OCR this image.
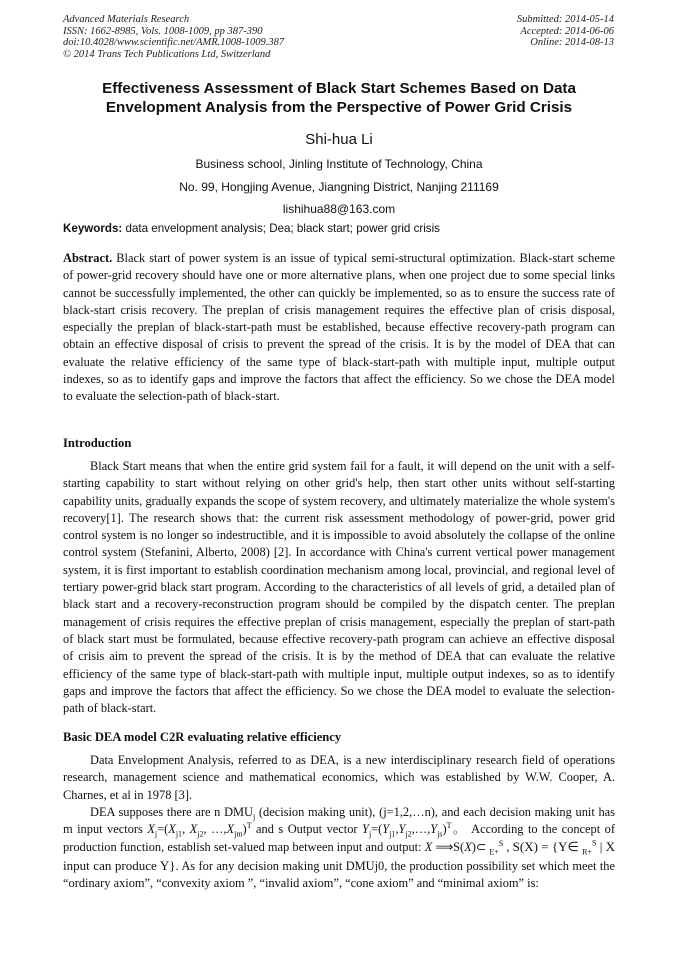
Advanced Materials Research
ISSN: 1662-8985, Vols. 1008-1009, pp 387-390
doi:10.4028/www.scientific.net/AMR.1008-1009.387
© 2014 Trans Tech Publications Ltd, Switzerland
Submitted: 2014-05-14
Accepted: 2014-06-06
Online: 2014-08-13
Effectiveness Assessment of Black Start Schemes Based on Data
Envelopment Analysis from the Perspective of Power Grid Crisis
Shi-hua Li
Business school, Jinling Institute of Technology, China
No. 99, Hongjing Avenue, Jiangning District, Nanjing 211169
lishihua88@163.com
Keywords: data envelopment analysis; Dea; black start; power grid crisis

Abstract. Black start of power system is an issue of typical semi-structural optimization. Black-start scheme of power-grid recovery should have one or more alternative plans, when one project due to some special links cannot be successfully implemented, the other can quickly be implemented, so as to ensure the success rate of black-start crisis recovery. The preplan of crisis management requires the effective plan of crisis disposal, especially the preplan of black-start-path must be established, because effective recovery-path program can obtain an effective disposal of crisis to prevent the spread of the crisis. It is by the model of DEA that can evaluate the relative efficiency of the same type of black-start-path with multiple input, multiple output indexes, so as to identify gaps and improve the factors that affect the efficiency. So we chose the DEA model to evaluate the selection-path of black-start.

Introduction

Black Start means that when the entire grid system fail for a fault, it will depend on the unit with a self-starting capability to start without relying on other grid's help, then start other units without self-starting capability units, gradually expands the scope of system recovery, and ultimately materialize the whole system's recovery[1]. The research shows that: the current risk assessment methodology of power-grid, power grid control system is no longer so indestructible, and it is impossible to avoid absolutely the collapse of the online control system (Stefanini, Alberto, 2008) [2]. In accordance with China's current vertical power management system, it is first important to establish coordination mechanism among local, provincial, and regional level of tertiary power-grid black start program. According to the characteristics of all levels of grid, a detailed plan of black start and a recovery-reconstruction program should be compiled by the dispatch center. The preplan management of crisis requires the effective preplan of crisis management, especially the preplan of start-path of black start must be formulated, because effective recovery-path program can achieve an effective disposal of crisis aim to prevent the spread of the crisis. It is by the method of DEA that can evaluate the relative efficiency of the same type of black-start-path with multiple input, multiple output indexes, so as to identify gaps and improve the factors that affect the efficiency. So we chose the DEA model to evaluate the selection-path of black-start.

Basic DEA model C2R evaluating relative efficiency

Data Envelopment Analysis, referred to as DEA, is a new interdisciplinary research field of operations research, management science and mathematical economics, which was established by W.W. Cooper, A. Charnes, et al in 1978 [3].

DEA supposes there are n $DMU_j$ (decision making unit), (j=1,2,…n), and each decision making unit has m input vectors $X_j=(X_{j1}$, $X_{j2}$, $\dots,X_{jm})^T$ and s Output vector $Y_j=(Y_{j1},Y_{j2},\dots,Y_{js})^T$。 According to the concept of production function, establish set-valued map between input and output: X ⟹S(X)⊂ $_{E+}^S$ , S(X) = {Y∈ $_{R+}^S$ | X input can produce Y}. As for any decision making unit DMUj0, the production possibility set which meet the “ordinary axiom”, “convexity axiom ”, “invalid axiom”, “cone axiom” and “minimal axiom” is:
